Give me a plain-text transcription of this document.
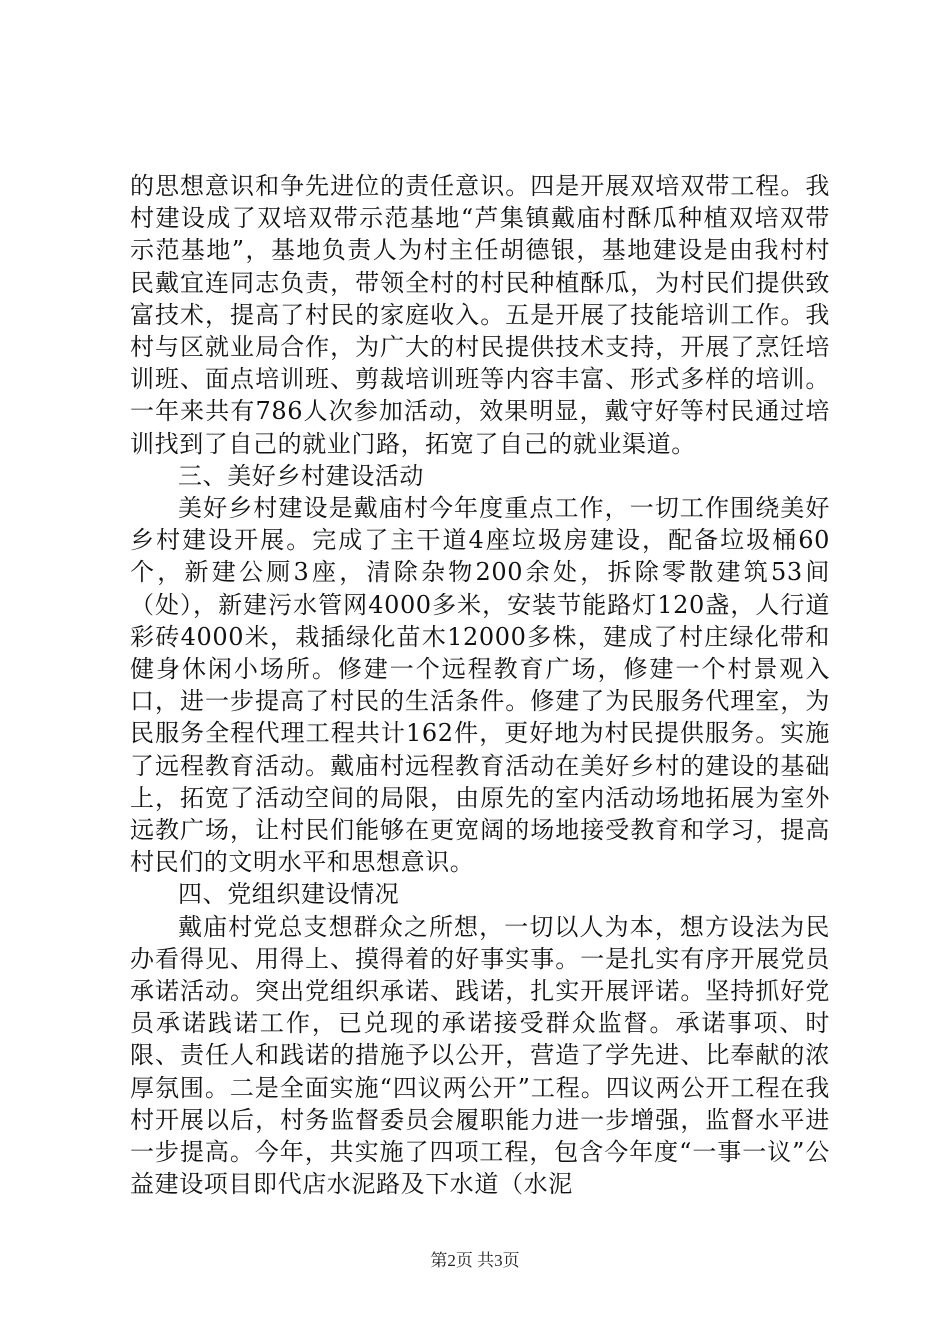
的思想意识和争先进位的责任意识。四是开展双培双带工程。我村建设成了双培双带示范基地“芦集镇戴庙村酥瓜种植双培双带示范基地”，基地负责人为村主任胡德银，基地建设是由我村村民戴宜连同志负责，带领全村的村民种植酥瓜，为村民们提供致富技术，提高了村民的家庭收入。五是开展了技能培训工作。我村与区就业局合作，为广大的村民提供技术支持，开展了烹饪培训班、面点培训班、剪裁培训班等内容丰富、形式多样的培训。一年来共有786人次参加活动，效果明显，戴守好等村民通过培训找到了自己的就业门路，拓宽了自己的就业渠道。

三、美好乡村建设活动

美好乡村建设是戴庙村今年度重点工作，一切工作围绕美好乡村建设开展。完成了主干道4座垃圾房建设，配备垃圾桶60个，新建公厕3座，清除杂物200余处，拆除零散建筑53间（处），新建污水管网4000多米，安装节能路灯120盏，人行道彩砖4000米，栽插绿化苗木12000多株，建成了村庄绿化带和健身休闲小场所。修建一个远程教育广场，修建一个村景观入口，进一步提高了村民的生活条件。修建了为民服务代理室，为民服务全程代理工程共计162件，更好地为村民提供服务。实施了远程教育活动。戴庙村远程教育活动在美好乡村的建设的基础上，拓宽了活动空间的局限，由原先的室内活动场地拓展为室外远教广场，让村民们能够在更宽阔的场地接受教育和学习，提高村民们的文明水平和思想意识。

四、党组织建设情况

戴庙村党总支想群众之所想，一切以人为本，想方设法为民办看得见、用得上、摸得着的好事实事。一是扎实有序开展党员承诺活动。突出党组织承诺、践诺，扎实开展评诺。坚持抓好党员承诺践诺工作，已兑现的承诺接受群众监督。承诺事项、时限、责任人和践诺的措施予以公开，营造了学先进、比奉献的浓厚氛围。二是全面实施“四议两公开”工程。四议两公开工程在我村开展以后，村务监督委员会履职能力进一步增强，监督水平进一步提高。今年，共实施了四项工程，包含今年度“一事一议”公益建设项目即代店水泥路及下水道（水泥

第2页 共3页
